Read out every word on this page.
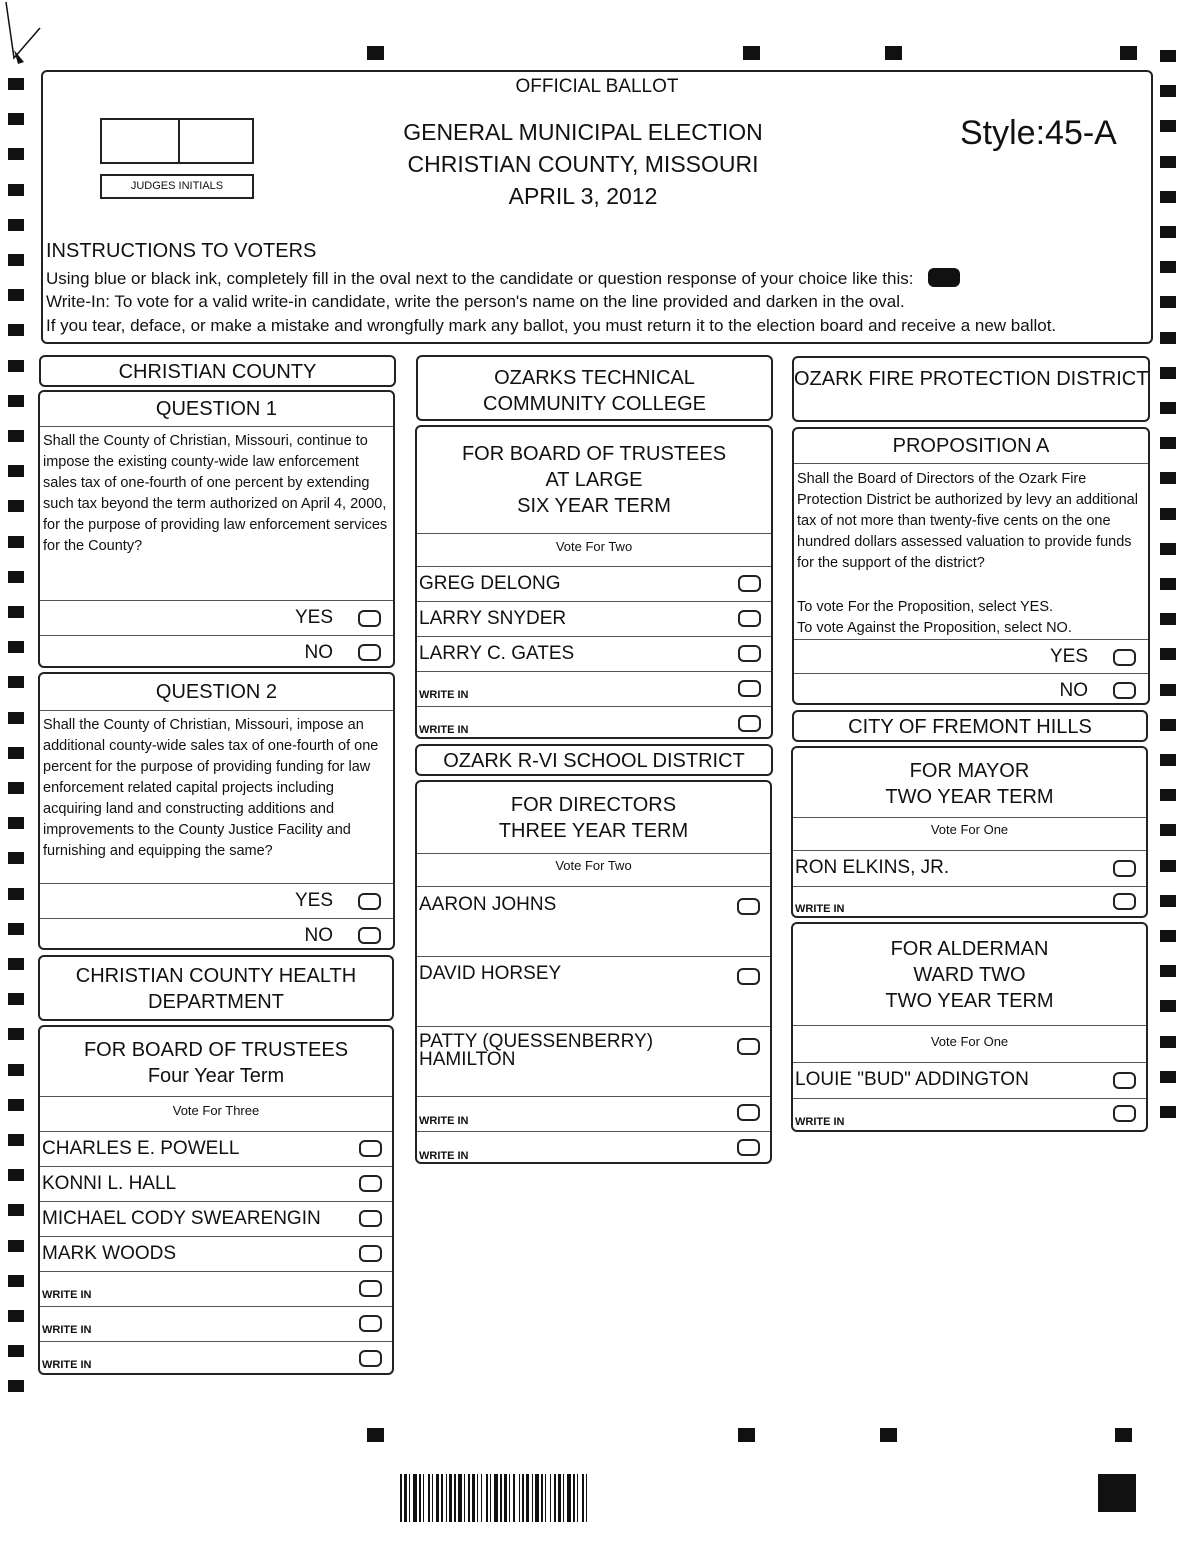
OFFICIAL BALLOT
GENERAL MUNICIPAL ELECTION
CHRISTIAN COUNTY, MISSOURI
APRIL 3, 2012
Style:45-A
JUDGES INITIALS
INSTRUCTIONS TO VOTERS
Using blue or black ink, completely fill in the oval next to the candidate or question response of your choice like this:
Write-In: To vote for a valid write-in candidate, write the person's name on the line provided and darken in the oval.
If you tear, deface, or make a mistake and wrongfully mark any ballot, you must return it to the election board and receive a new ballot.
CHRISTIAN COUNTY
QUESTION 1
Shall the County of Christian, Missouri, continue to impose the existing county-wide law enforcement sales tax of one-fourth of one percent by extending such tax beyond the term authorized on April 4, 2000, for the purpose of providing law enforcement services for the County?
YES
NO
QUESTION 2
Shall the County of Christian, Missouri, impose an additional county-wide sales tax of one-fourth of one percent for the purpose of providing funding for law enforcement related capital projects including acquiring land and constructing additions and improvements to the County Justice Facility and furnishing and equipping the same?
YES
NO
CHRISTIAN COUNTY HEALTH
DEPARTMENT
FOR BOARD OF TRUSTEES
Four Year Term
Vote For Three
CHARLES E. POWELL
KONNI L. HALL
MICHAEL CODY SWEARENGIN
MARK WOODS
WRITE IN
WRITE IN
WRITE IN
OZARKS TECHNICAL
COMMUNITY COLLEGE
FOR BOARD OF TRUSTEES
AT LARGE
SIX YEAR TERM
Vote For Two
GREG DELONG
LARRY SNYDER
LARRY C. GATES
WRITE IN
WRITE IN
OZARK R-VI SCHOOL DISTRICT
FOR DIRECTORS
THREE YEAR TERM
Vote For Two
AARON JOHNS
DAVID HORSEY
PATTY (QUESSENBERRY)
HAMILTON
WRITE IN
WRITE IN
OZARK FIRE PROTECTION DISTRICT
PROPOSITION A
Shall the Board of Directors of the Ozark Fire Protection District be authorized by levy an additional tax of not more than twenty-five cents on the one hundred dollars assessed valuation to provide funds for the support of the district?
To vote For the Proposition, select YES.
To vote Against the Proposition, select NO.
YES
NO
CITY OF FREMONT HILLS
FOR MAYOR
TWO YEAR TERM
Vote For One
RON ELKINS, JR.
WRITE IN
FOR ALDERMAN
WARD TWO
TWO YEAR TERM
Vote For One
LOUIE "BUD" ADDINGTON
WRITE IN
